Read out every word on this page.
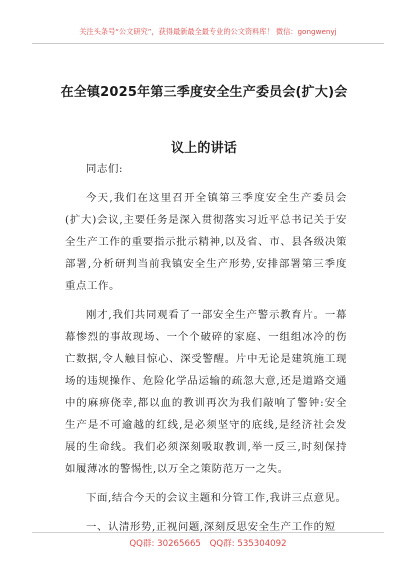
关注头条号“公文研究”，获得最新最全最专业的公文资料库！ 微信：gongwenyj
在全镇2025年第三季度安全生产委员会(扩大)会议上的讲话

同志们:

今天,我们在这里召开全镇第三季度安全生产委员会(扩大)会议,主要任务是深入贯彻落实习近平总书记关于安全生产工作的重要指示批示精神,以及省、市、县各级决策部署,分析研判当前我镇安全生产形势,安排部署第三季度重点工作。

刚才,我们共同观看了一部安全生产警示教育片。一幕幕惨烈的事故现场、一个个破碎的家庭、一组组冰冷的伤亡数据,令人触目惊心、深受警醒。片中无论是建筑施工现场的违规操作、危险化学品运输的疏忽大意,还是道路交通中的麻痹侥幸,都以血的教训再次为我们敲响了警钟:安全生产是不可逾越的红线,是必须坚守的底线,是经济社会发展的生命线。我们必须深刻吸取教训,举一反三,时刻保持如履薄冰的警惕性,以万全之策防范万一之失。

下面,结合今天的会议主题和分管工作,我讲三点意见。

一、认清形势,正视问题,深刻反思安全生产工作的短

QQ群: 30265665 QQ群: 535304092
